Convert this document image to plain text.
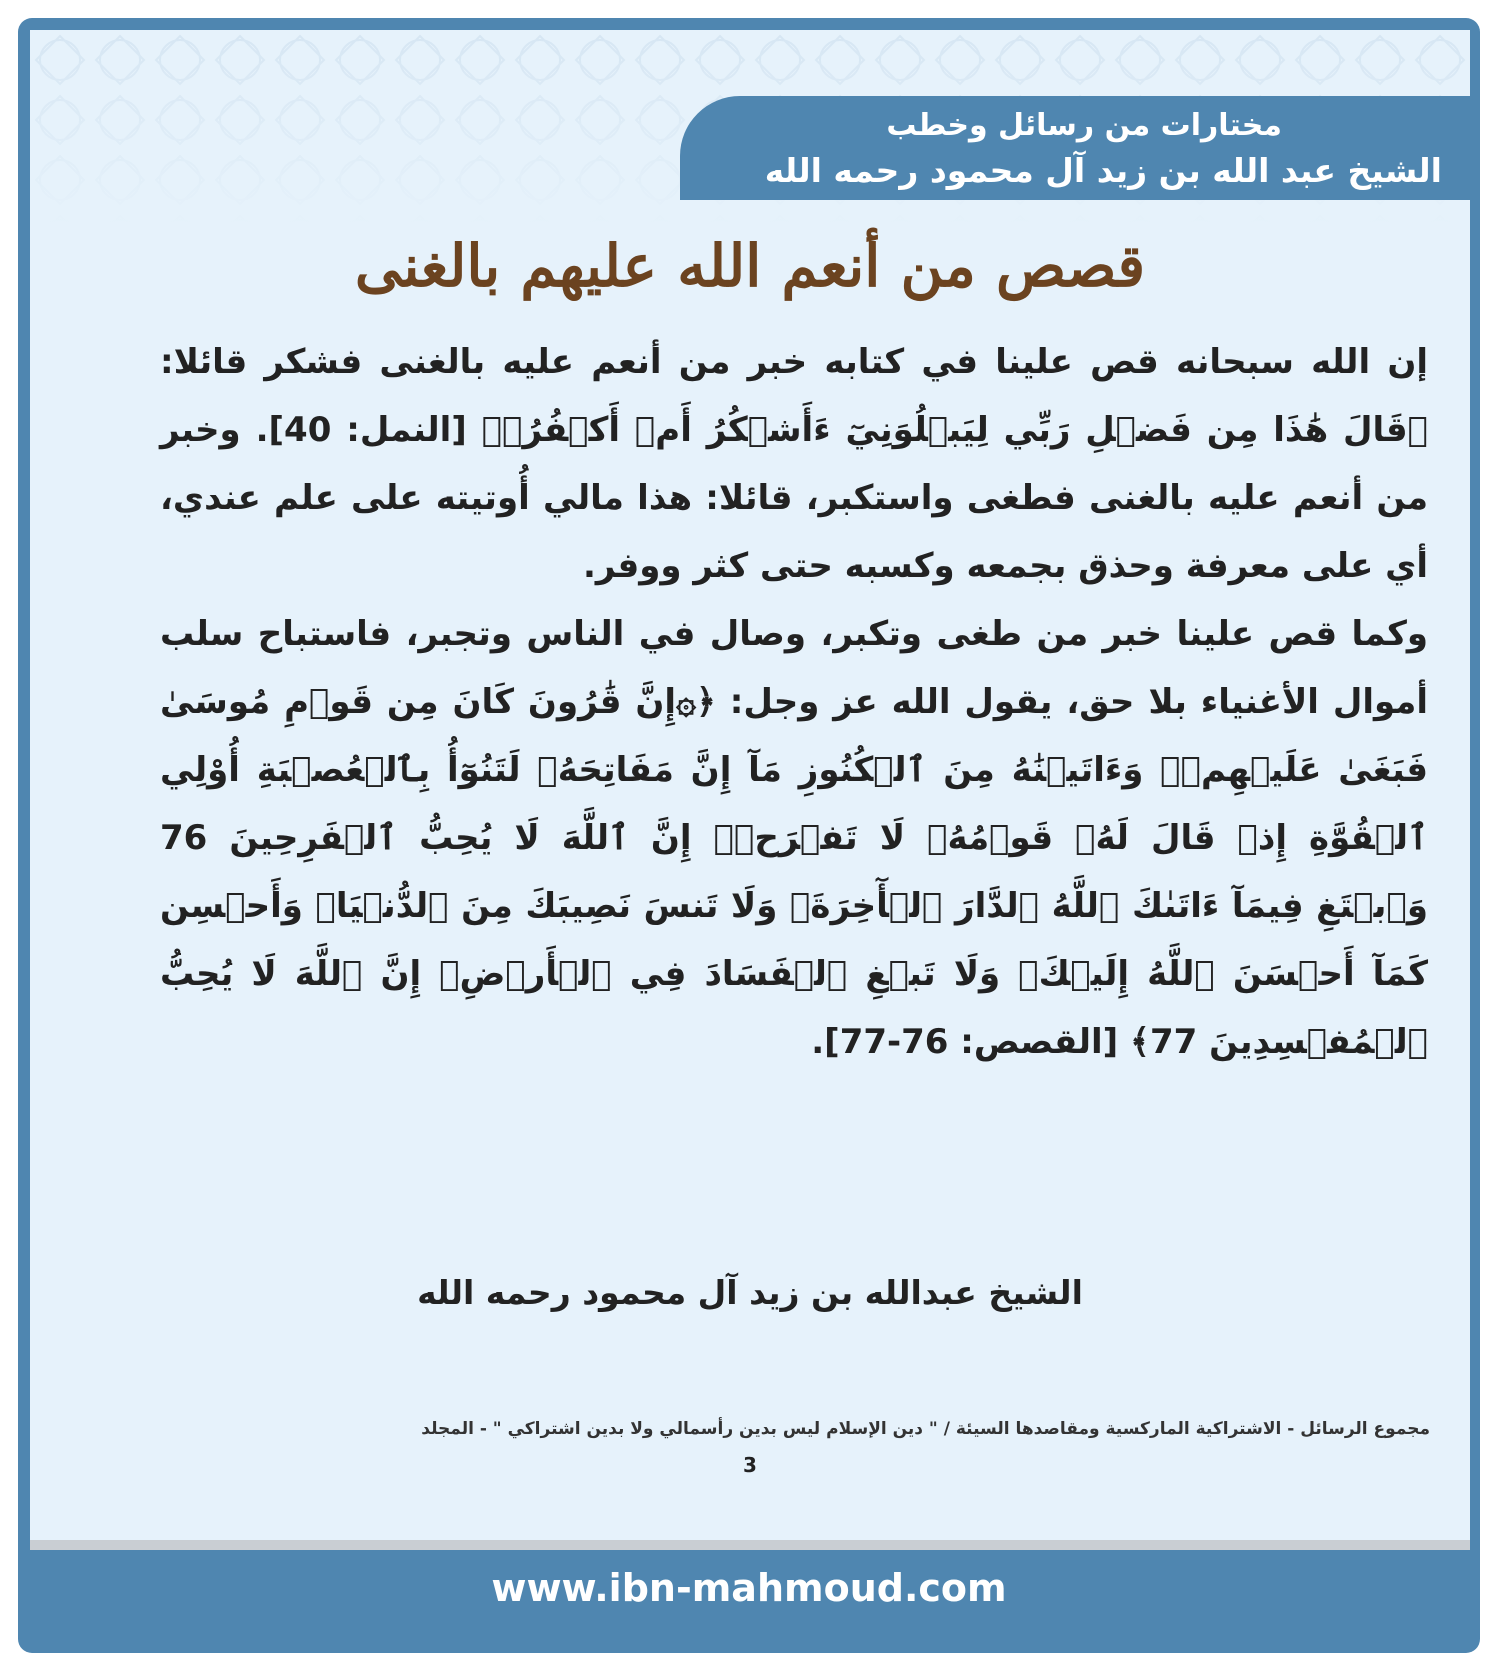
مختارات من رسائل وخطب
الشيخ عبد الله بن زيد آل محمود رحمه الله
قصص من أنعم الله عليهم بالغنى

إن الله سبحانه قص علينا في كتابه خبر من أنعم عليه بالغنى فشكر قائلا: ﴿قَالَ هَٰذَا مِن فَضۡلِ رَبِّي لِيَبۡلُوَنِيٓ ءَأَشۡكُرُ أَمۡ أَكۡفُرُۖ﴾ [النمل: 40]. وخبر من أنعم عليه بالغنى فطغى واستكبر، قائلا: هذا مالي أُوتيته على علم عندي، أي على معرفة وحذق بجمعه وكسبه حتى كثر ووفر.

وكما قص علينا خبر من طغى وتكبر، وصال في الناس وتجبر، فاستباح سلب أموال الأغنياء بلا حق، يقول الله عز وجل: ﴿۞إِنَّ قَٰرُونَ كَانَ مِن قَوۡمِ مُوسَىٰ فَبَغَىٰ عَلَيۡهِمۡۖ وَءَاتَيۡنَٰهُ مِنَ ٱلۡكُنُوزِ مَآ إِنَّ مَفَاتِحَهُۥ لَتَنُوٓأُ بِٱلۡعُصۡبَةِ أُوْلِي ٱلۡقُوَّةِ إِذۡ قَالَ لَهُۥ قَوۡمُهُۥ لَا تَفۡرَحۡۖ إِنَّ ٱللَّهَ لَا يُحِبُّ ٱلۡفَرِحِينَ 76 وَٱبۡتَغِ فِيمَآ ءَاتَىٰكَ ٱللَّهُ ٱلدَّارَ ٱلۡأٓخِرَةَۖ وَلَا تَنسَ نَصِيبَكَ مِنَ ٱلدُّنۡيَاۖ وَأَحۡسِن كَمَآ أَحۡسَنَ ٱللَّهُ إِلَيۡكَۖ وَلَا تَبۡغِ ٱلۡفَسَادَ فِي ٱلۡأَرۡضِۖ إِنَّ ٱللَّهَ لَا يُحِبُّ ٱلۡمُفۡسِدِينَ 77﴾ [القصص: 76-77].

الشيخ عبدالله بن زيد آل محمود رحمه الله
مجموع الرسائل - الاشتراكية الماركسية ومقاصدها السيئة / " دين الإسلام ليس بدين رأسمالي ولا بدين اشتراكي " - المجلد
3
www.ibn-mahmoud.com
